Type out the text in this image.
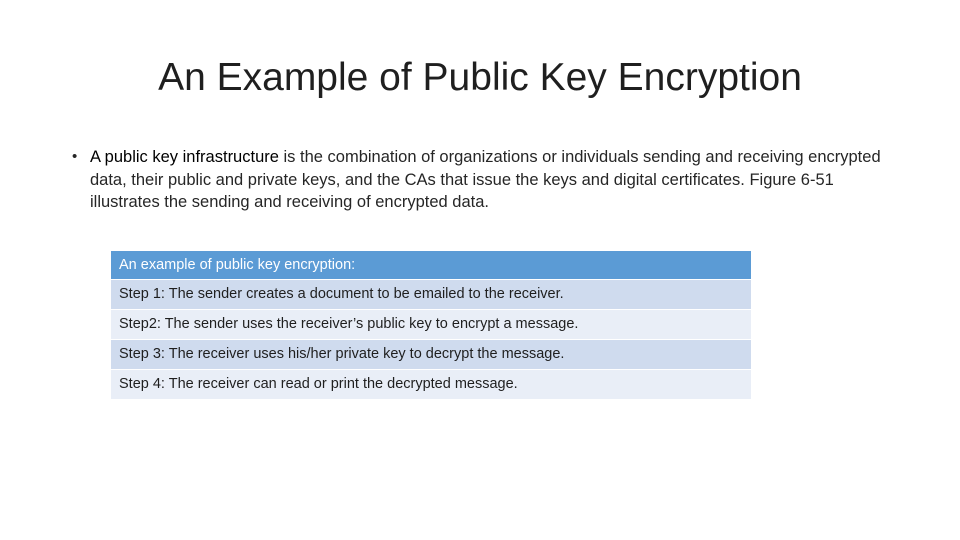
An Example of Public Key Encryption
• A public key infrastructure is the combination of organizations or individuals sending and receiving encrypted data, their public and private keys, and the CAs that issue the keys and digital certificates. Figure 6-51 illustrates the sending and receiving of encrypted data.
An example of public key encryption:
Step 1: The sender creates a document to be emailed to the receiver.
Step2: The sender uses the receiver’s public key to encrypt a message.
Step 3: The receiver uses his/her private key to decrypt the message.
Step 4: The receiver can read or print the decrypted message.
